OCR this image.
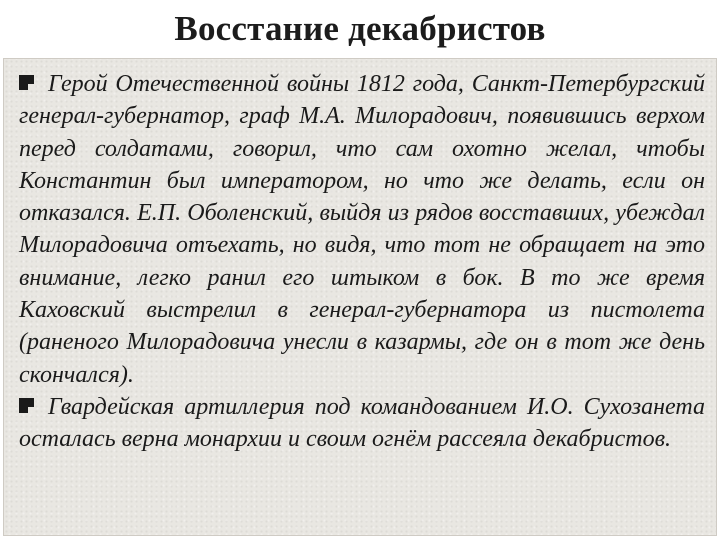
Восстание декабристов

Герой Отечественной войны 1812 года, Санкт-Петербургский генерал-губернатор, граф М.А. Милорадович, появившись верхом перед солдатами, говорил, что сам охотно желал, чтобы Константин был императором, но что же делать, если он отказался. Е.П. Оболенский, выйдя из рядов восставших, убеждал Милорадовича отъехать, но видя, что тот не обращает на это внимание, легко ранил его штыком в бок. В то же время Каховский выстрелил в генерал-губернатора из пистолета (раненого Милорадовича унесли в казармы, где он в тот же день скончался).

Гвардейская артиллерия под командованием И.О. Сухозанета осталась верна монархии и своим огнём рассеяла декабристов.
